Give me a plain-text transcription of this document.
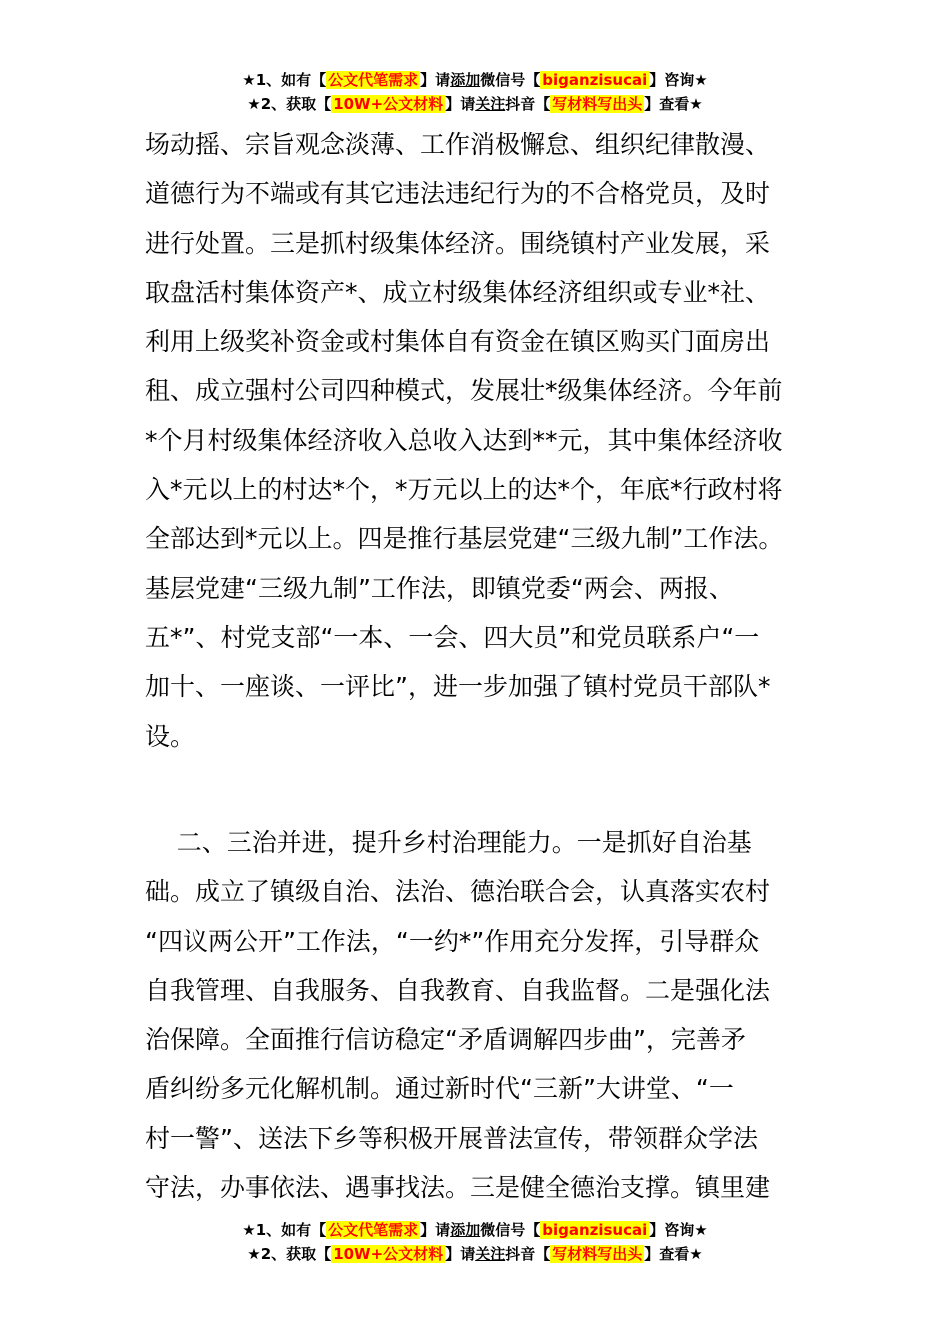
★1、如有【 公文代笔需求 】请添加微信号【 biganzisucai 】咨询★
★2、获取【 10W+公文材料 】请关注抖音【 写材料写出头 】查看★
场动摇、宗旨观念淡薄、工作消极懈怠、组织纪律散漫、
道德行为不端或有其它违法违纪行为的不合格党员，及时
进行处置。三是抓村级集体经济。围绕镇村产业发展，采
取盘活村集体资产*、成立村级集体经济组织或专业*社、
利用上级奖补资金或村集体自有资金在镇区购买门面房出
租、成立强村公司四种模式，发展壮*级集体经济。今年前
*个月村级集体经济收入总收入达到**元，其中集体经济收
入*元以上的村达*个，*万元以上的达*个，年底*行政村将
全部达到*元以上。四是推行基层党建“三级九制”工作法。
基层党建“三级九制”工作法，即镇党委“两会、两报、
五*”、村党支部“一本、一会、四大员”和党员联系户“一
加十、一座谈、一评比”，进一步加强了镇村党员干部队*
设。
二、三治并进，提升乡村治理能力。一是抓好自治基
础。成立了镇级自治、法治、德治联合会，认真落实农村
“四议两公开”工作法，“一约*”作用充分发挥，引导群众
自我管理、自我服务、自我教育、自我监督。二是强化法
治保障。全面推行信访稳定“矛盾调解四步曲”，完善矛
盾纠纷多元化解机制。通过新时代“三新”大讲堂、“一
村一警”、送法下乡等积极开展普法宣传，带领群众学法
守法，办事依法、遇事找法。三是健全德治支撑。镇里建
★1、如有【 公文代笔需求 】请添加微信号【 biganzisucai 】咨询★
★2、获取【 10W+公文材料 】请关注抖音【 写材料写出头 】查看★
